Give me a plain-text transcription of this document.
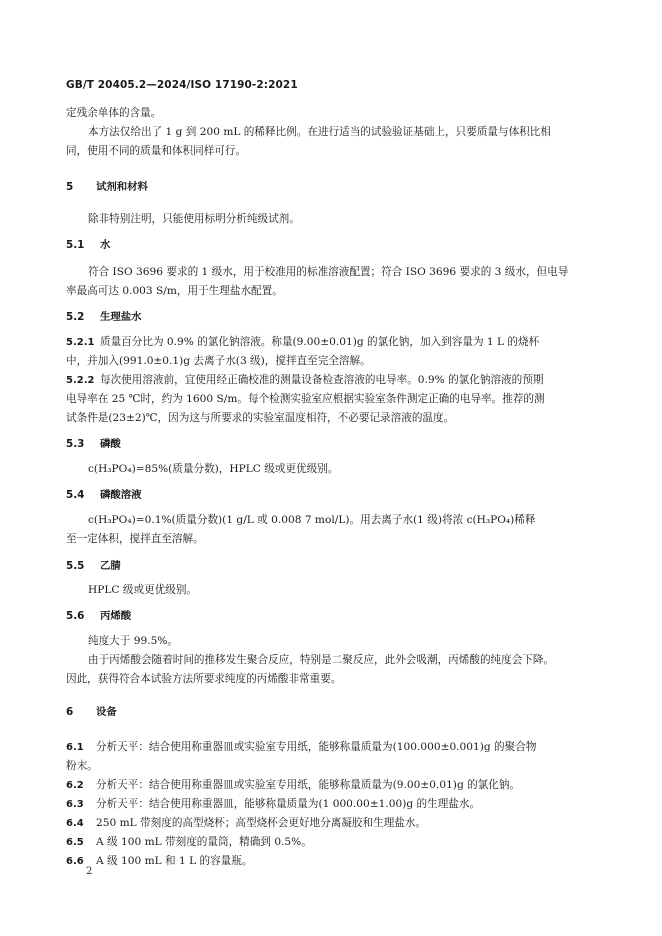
GB/T 20405.2—2024/ISO 17190-2:2021
定残余单体的含量。
本方法仅给出了 1 g 到 200 mL 的稀释比例。在进行适当的试验验证基础上，只要质量与体积比相
同，使用不同的质量和体积同样可行。
5 试剂和材料
除非特别注明，只能使用标明分析纯级试剂。
5.1 水
符合 ISO 3696 要求的 1 级水，用于校准用的标准溶液配置；符合 ISO 3696 要求的 3 级水，但电导
率最高可达 0.003 S/m，用于生理盐水配置。
5.2 生理盐水
5.2.1 质量百分比为 0.9% 的氯化钠溶液。称量(9.00±0.01)g 的氯化钠，加入到容量为 1 L 的烧杯
中，并加入(991.0±0.1)g 去离子水(3 级)，搅拌直至完全溶解。
5.2.2 每次使用溶液前，宜使用经正确校准的测量设备检查溶液的电导率。0.9% 的氯化钠溶液的预期
电导率在 25 ℃时，约为 1600 S/m。每个检测实验室应根据实验室条件测定正确的电导率。推荐的测
试条件是(23±2)℃，因为这与所要求的实验室温度相符，不必要记录溶液的温度。
5.3 磷酸
c(H₃PO₄)=85%(质量分数)，HPLC 级或更优级别。
5.4 磷酸溶液
c(H₃PO₄)=0.1%(质量分数)(1 g/L 或 0.008 7 mol/L)。用去离子水(1 级)将浓 c(H₃PO₄)稀释
至一定体积，搅拌直至溶解。
5.5 乙腈
HPLC 级或更优级别。
5.6 丙烯酸
纯度大于 99.5%。
由于丙烯酸会随着时间的推移发生聚合反应，特别是二聚反应，此外会吸潮，丙烯酸的纯度会下降。
因此，获得符合本试验方法所要求纯度的丙烯酸非常重要。
6 设备
6.1 分析天平：结合使用称重器皿或实验室专用纸，能够称量质量为(100.000±0.001)g 的聚合物
粉末。
6.2 分析天平：结合使用称重器皿或实验室专用纸，能够称量质量为(9.00±0.01)g 的氯化钠。
6.3 分析天平：结合使用称重器皿，能够称量质量为(1 000.00±1.00)g 的生理盐水。
6.4 250 mL 带刻度的高型烧杯；高型烧杯会更好地分离凝胶和生理盐水。
6.5 A 级 100 mL 带刻度的量筒，精确到 0.5%。
6.6 A 级 100 mL 和 1 L 的容量瓶。
2
